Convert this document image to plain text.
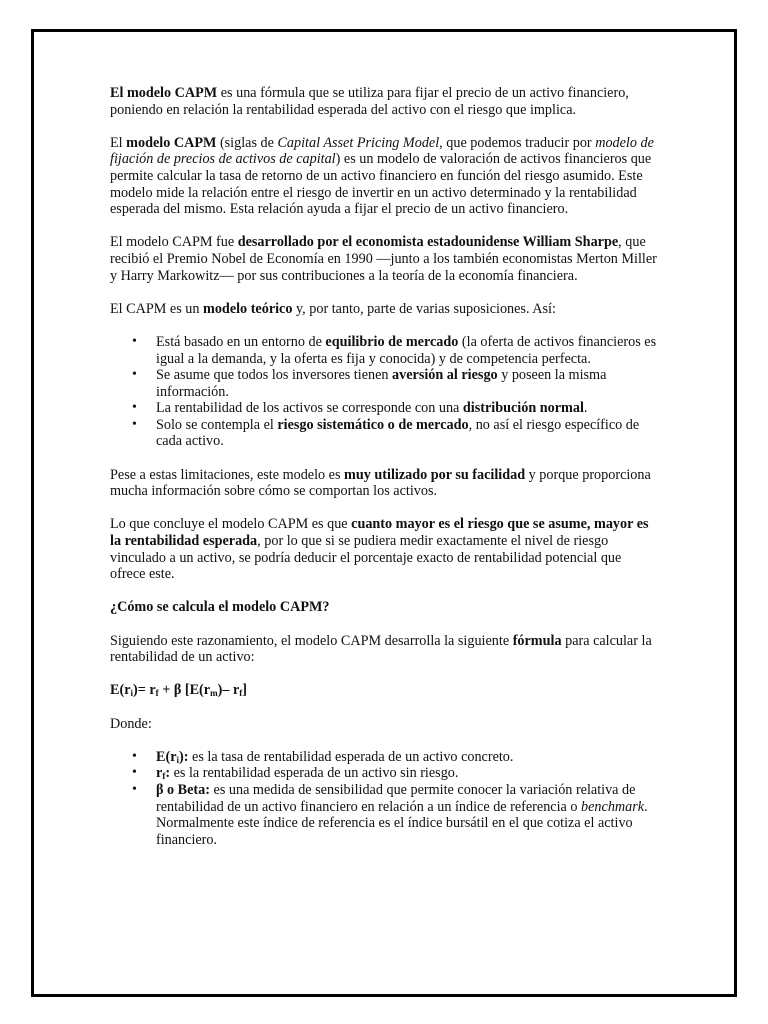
El modelo CAPM es una fórmula que se utiliza para fijar el precio de un activo financiero, poniendo en relación la rentabilidad esperada del activo con el riesgo que implica.

El modelo CAPM (siglas de Capital Asset Pricing Model, que podemos traducir por modelo de fijación de precios de activos de capital) es un modelo de valoración de activos financieros que permite calcular la tasa de retorno de un activo financiero en función del riesgo asumido. Este modelo mide la relación entre el riesgo de invertir en un activo determinado y la rentabilidad esperada del mismo. Esta relación ayuda a fijar el precio de un activo financiero.

El modelo CAPM fue desarrollado por el economista estadounidense William Sharpe, que recibió el Premio Nobel de Economía en 1990 —junto a los también economistas Merton Miller y Harry Markowitz— por sus contribuciones a la teoría de la economía financiera.

El CAPM es un modelo teórico y, por tanto, parte de varias suposiciones. Así:

• Está basado en un entorno de equilibrio de mercado (la oferta de activos financieros es igual a la demanda, y la oferta es fija y conocida) y de competencia perfecta.
• Se asume que todos los inversores tienen aversión al riesgo y poseen la misma información.
• La rentabilidad de los activos se corresponde con una distribución normal.
• Solo se contempla el riesgo sistemático o de mercado, no así el riesgo específico de cada activo.

Pese a estas limitaciones, este modelo es muy utilizado por su facilidad y porque proporciona mucha información sobre cómo se comportan los activos.

Lo que concluye el modelo CAPM es que cuanto mayor es el riesgo que se asume, mayor es la rentabilidad esperada, por lo que si se pudiera medir exactamente el nivel de riesgo vinculado a un activo, se podría deducir el porcentaje exacto de rentabilidad potencial que ofrece este.

¿Cómo se calcula el modelo CAPM?

Siguiendo este razonamiento, el modelo CAPM desarrolla la siguiente fórmula para calcular la rentabilidad de un activo:

$E(r_i)= r_f + \beta$ [$E(r_m)-$ $r_f$]

Donde:

• $E(r_i)$: es la tasa de rentabilidad esperada de un activo concreto.
• $r_f$: es la rentabilidad esperada de un activo sin riesgo.
• β o Beta: es una medida de sensibilidad que permite conocer la variación relativa de rentabilidad de un activo financiero en relación a un índice de referencia o benchmark. Normalmente este índice de referencia es el índice bursátil en el que cotiza el activo financiero.
